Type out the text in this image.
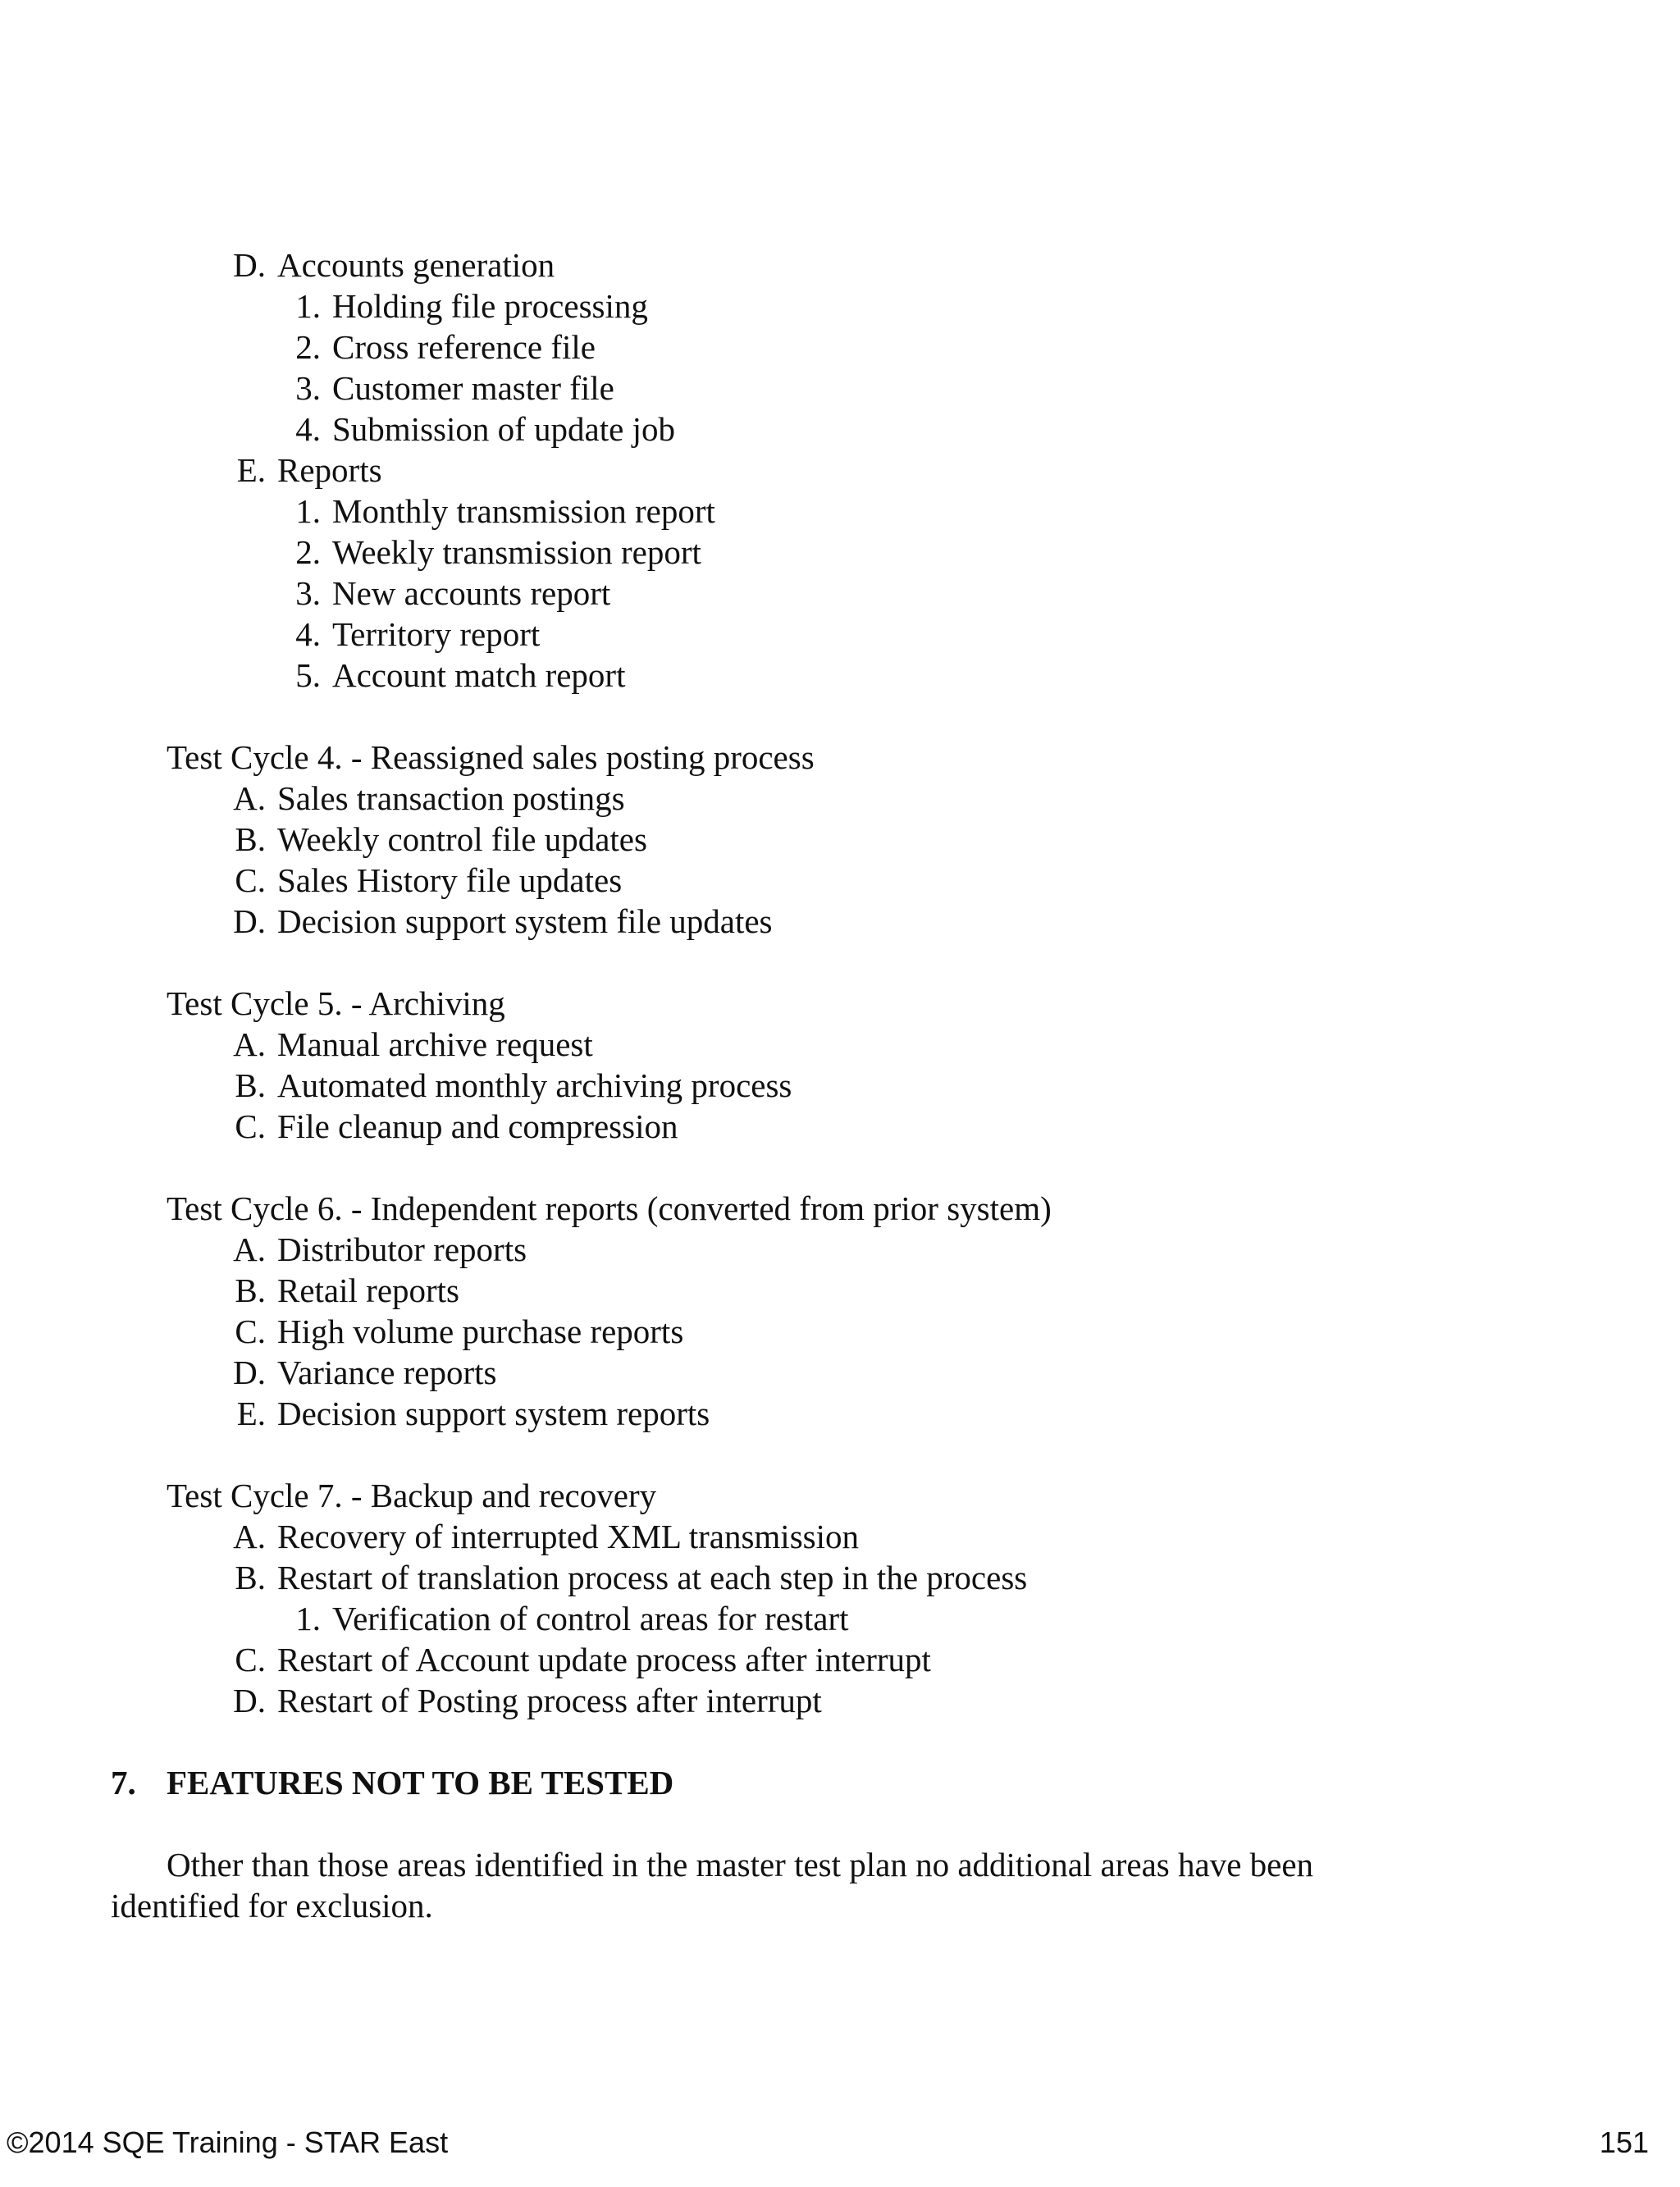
D. Accounts generation
1. Holding file processing
2. Cross reference file
3. Customer master file
4. Submission of update job
E. Reports
1. Monthly transmission report
2. Weekly transmission report
3. New accounts report
4. Territory report
5. Account match report
Test Cycle 4. - Reassigned sales posting process
A. Sales transaction postings
B. Weekly control file updates
C. Sales History file updates
D. Decision support system file updates
Test Cycle 5. - Archiving
A. Manual archive request
B. Automated monthly archiving process
C. File cleanup and compression
Test Cycle 6. - Independent reports (converted from prior system)
A. Distributor reports
B. Retail reports
C. High volume purchase reports
D. Variance reports
E. Decision support system reports
Test Cycle 7. - Backup and recovery
A. Recovery of interrupted XML transmission
B. Restart of translation process at each step in the process
1. Verification of control areas for restart
C. Restart of Account update process after interrupt
D. Restart of Posting process after interrupt
7. FEATURES NOT TO BE TESTED
Other than those areas identified in the master test plan no additional areas have been identified for exclusion.
©2014 SQE Training - STAR East	151
